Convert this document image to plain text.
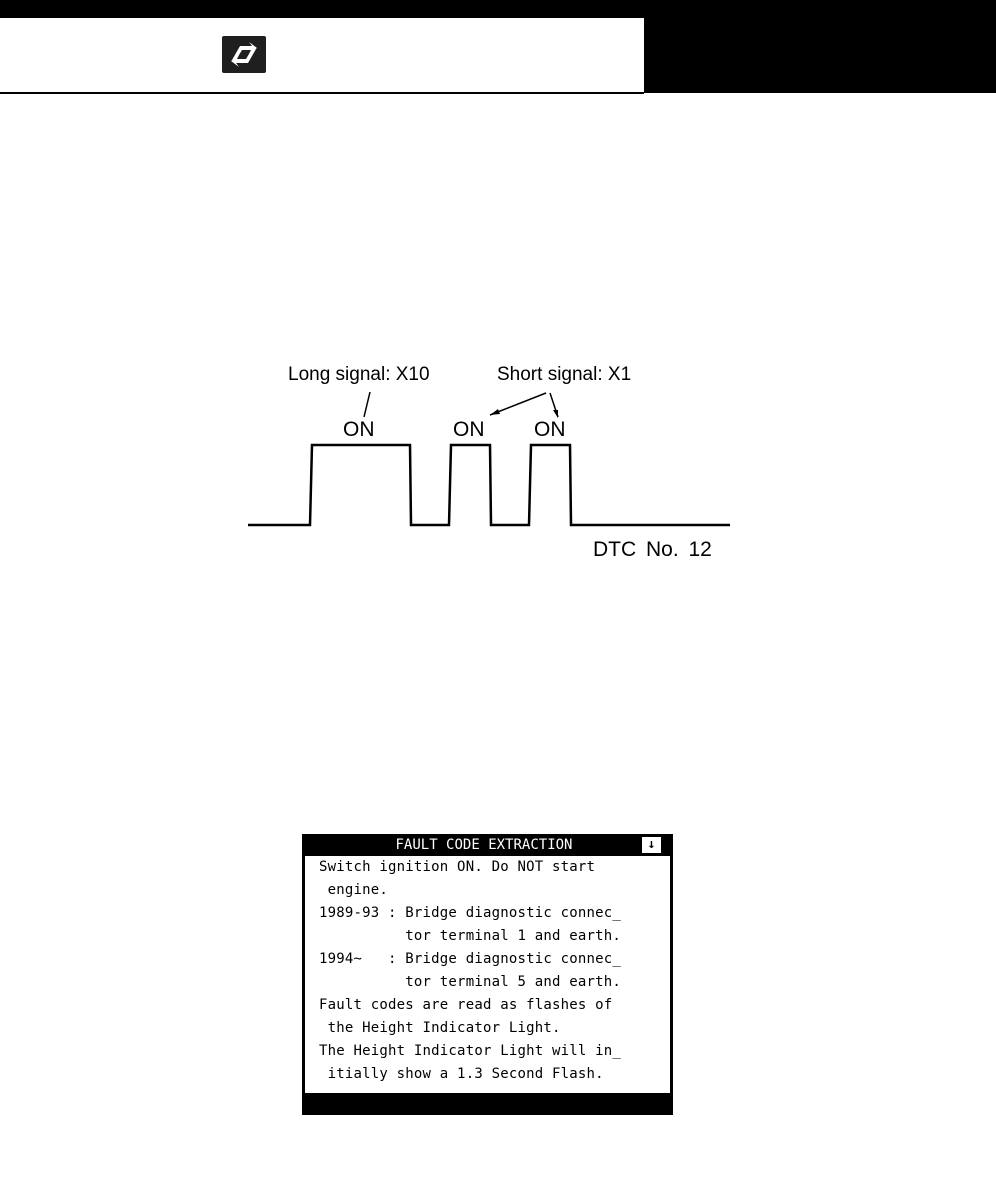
Long signal: X10	Short signal: X1
ON	ON ON
DTC No. 12
FAULT CODE EXTRACTION	↓
Switch ignition ON. Do NOT start
engine.
1989-93 : Bridge diagnostic connec_
tor terminal 1 and earth.
1994~   : Bridge diagnostic connec_
tor terminal 5 and earth.
Fault codes are read as flashes of
the Height Indicator Light.
The Height Indicator Light will in_
itially show a 1.3 Second Flash.

↕ ↔: MOVE

ENTER : EXIT
